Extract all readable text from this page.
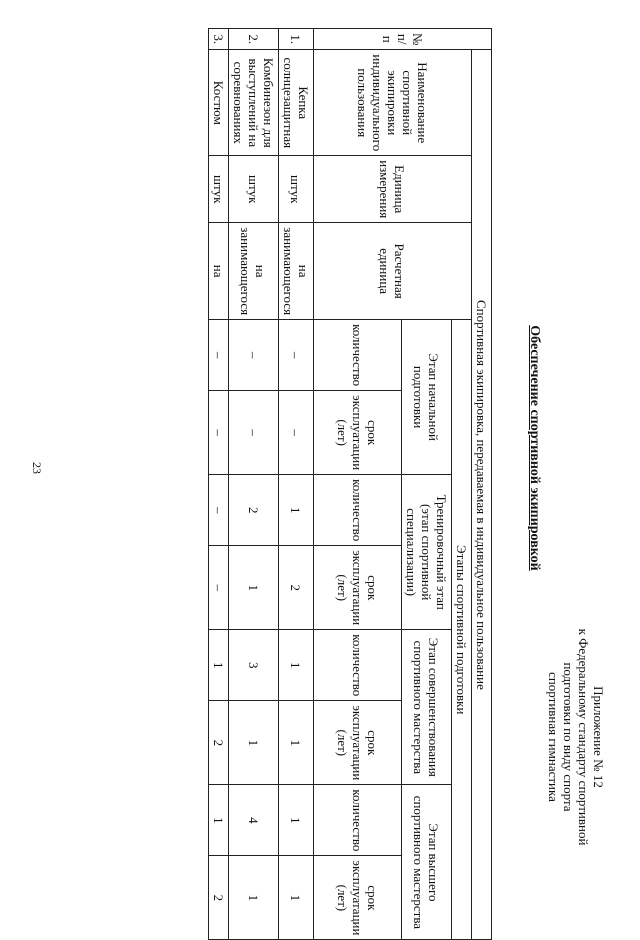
23
Приложение № 12
к Федеральному стандарту спортивной
подготовки по виду спорта
спортивная гимнастика
Обеспечение спортивной экипировкой
№ п/п	Спортивная экипировка, передаваемая в индивидуальное пользование										
	Наименование спортивной экипировки индивидуального пользования	Единица измерения	Расчетная единица	Этапы спортивной подготовки							
				Этап начальной подготовки		Тренировочный этап (этап спортивной специализации)		Этап совершенствования спортивного мастерства		Этап высшего спортивного мастерства	
				количество	срок эксплуатации (лет)	количество	срок эксплуатации (лет)	количество	срок эксплуатации (лет)	количество	срок эксплуатации (лет)
1.	Кепка солнцезащитная	штук	на занимающегося	–	–	1	2	1	1	1	1
2.	Комбинезон для выступлений на соревнованиях	штук	на занимающегося	–	–	2	1	3	1	4	1
3.	Костюм	штук	на	–	–	–	–	1	2	1	2
